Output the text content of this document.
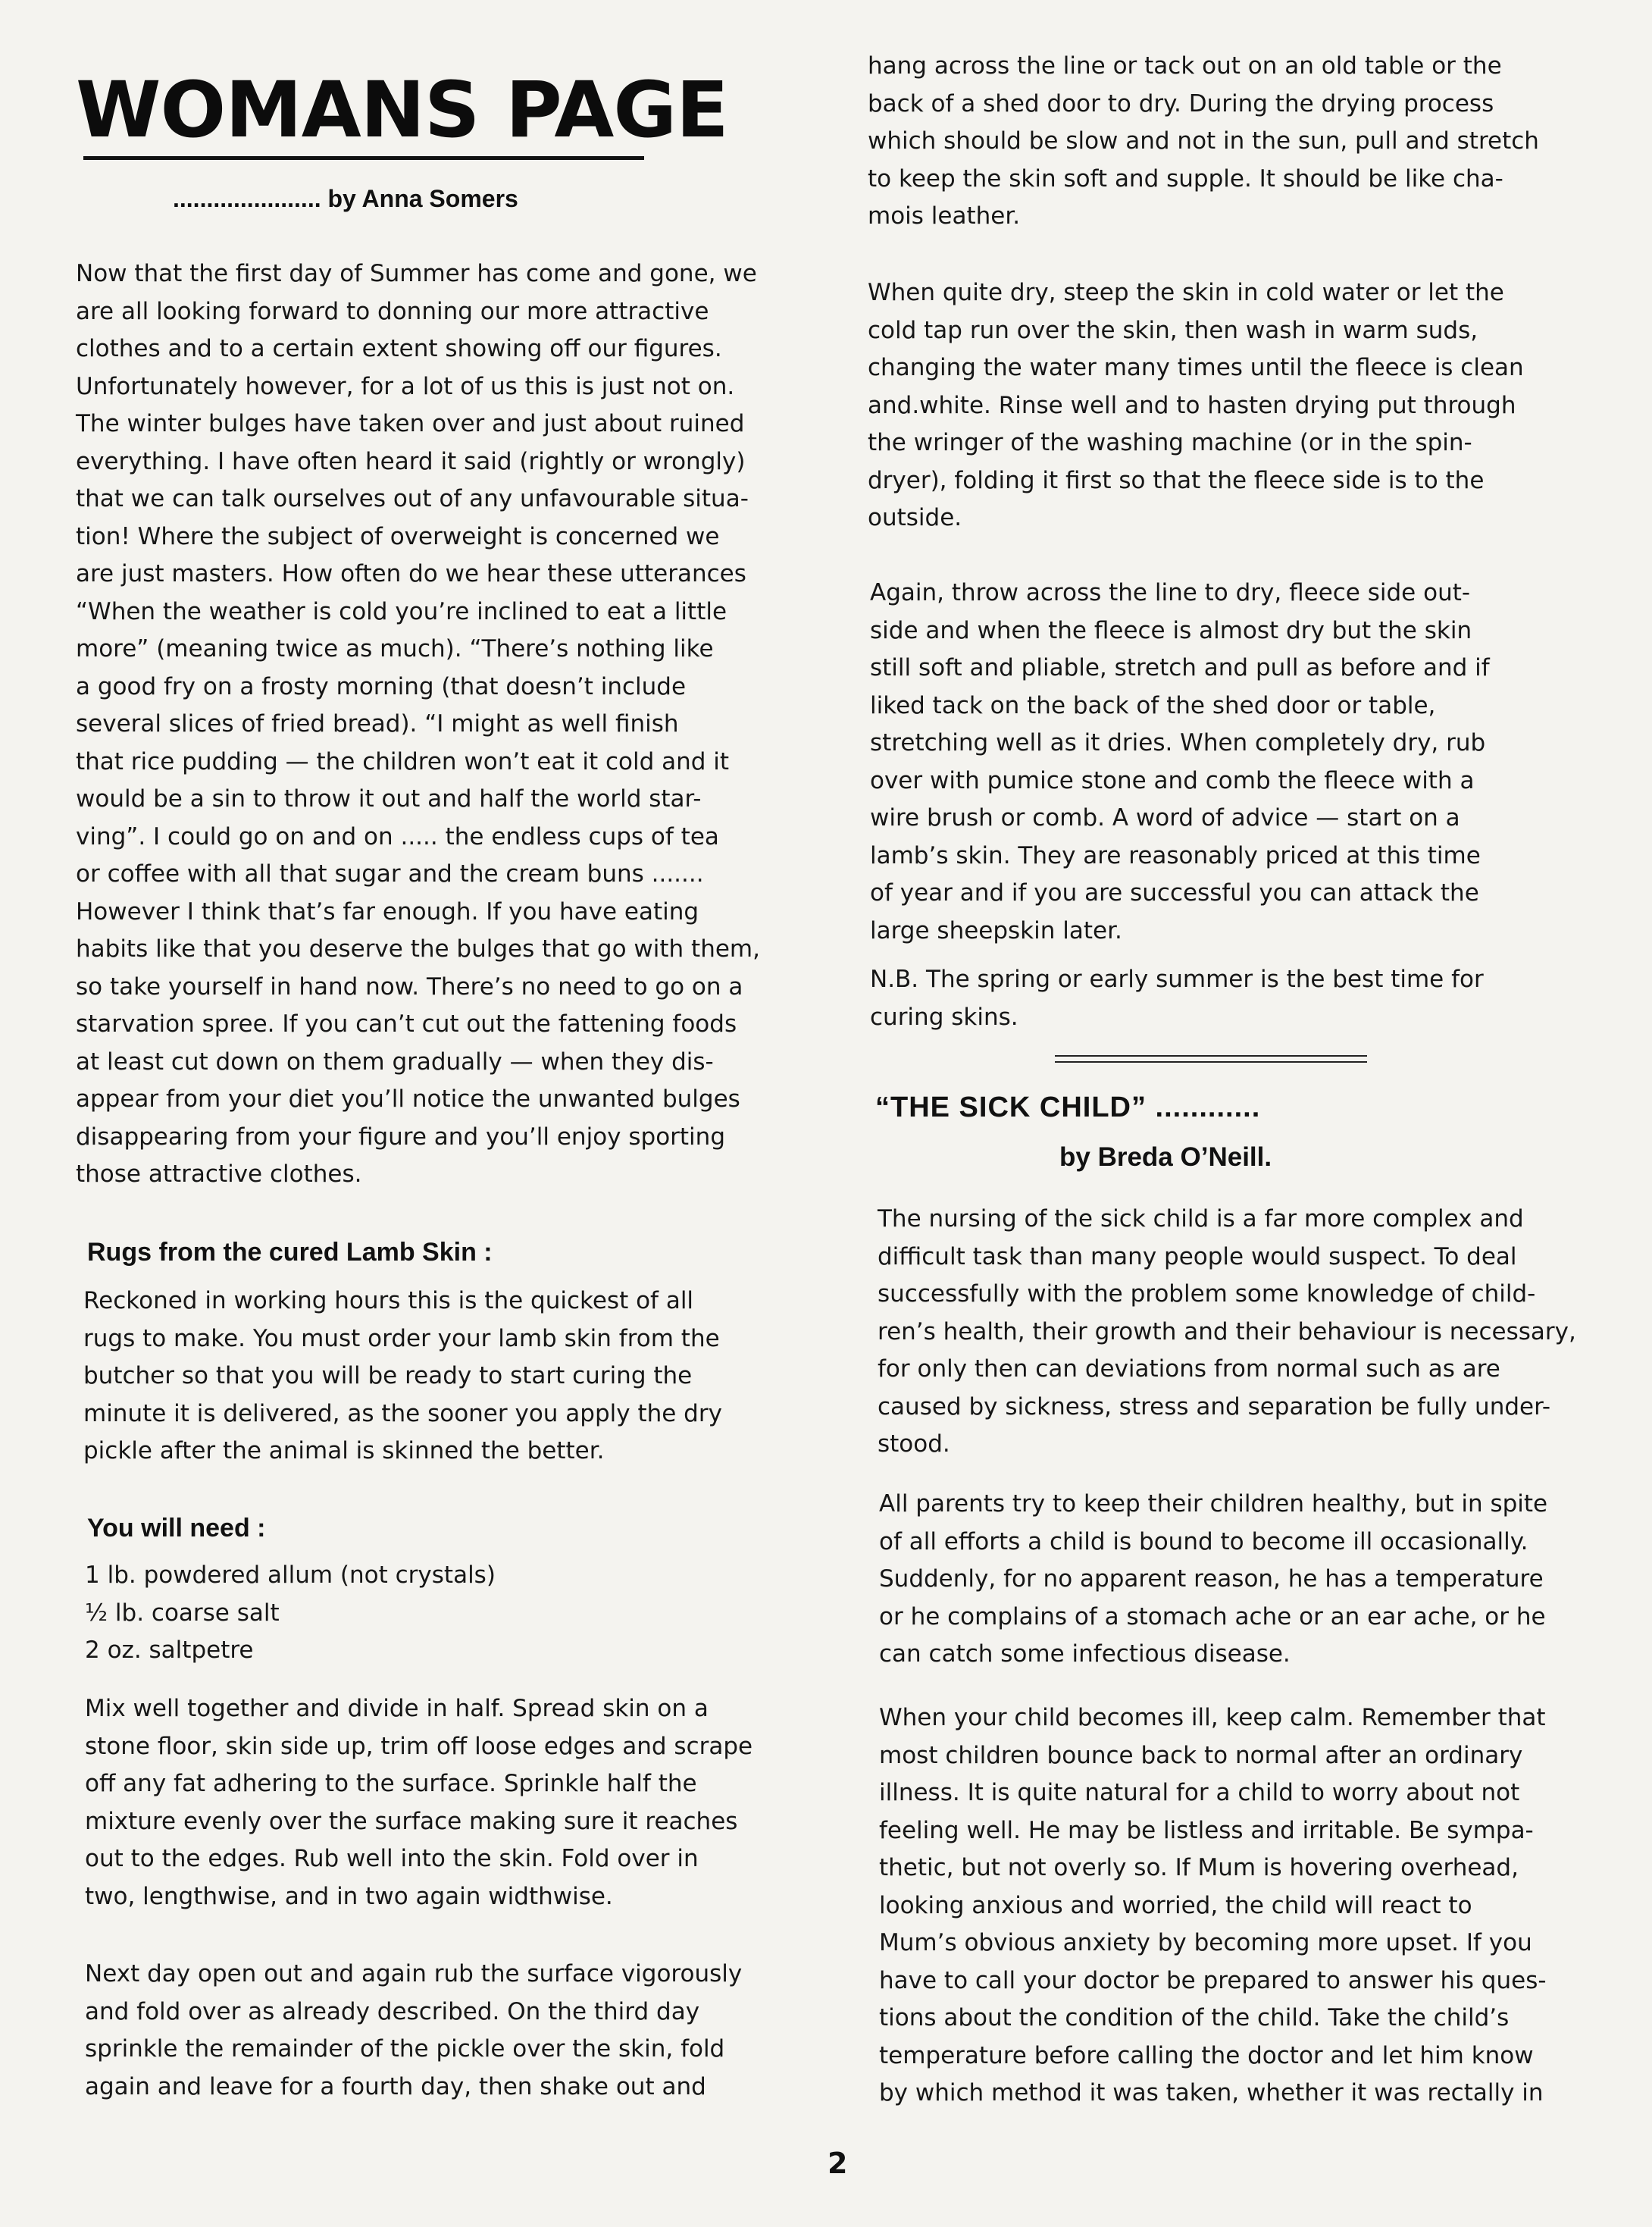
WOMANS PAGE
...................... by Anna Somers

Now that the first day of Summer has come and gone, we
are all looking forward to donning our more attractive
clothes and to a certain extent showing off our figures.
Unfortunately however, for a lot of us this is just not on.
The winter bulges have taken over and just about ruined
everything. I have often heard it said (rightly or wrongly)
that we can talk ourselves out of any unfavourable situa-
tion! Where the subject of overweight is concerned we
are just masters. How often do we hear these utterances
“When the weather is cold you’re inclined to eat a little
more” (meaning twice as much). “There’s nothing like
a good fry on a frosty morning (that doesn’t include
several slices of fried bread). “I might as well finish
that rice pudding — the children won’t eat it cold and it
would be a sin to throw it out and half the world star-
ving”. I could go on and on ..... the endless cups of tea
or coffee with all that sugar and the cream buns .......
However I think that’s far enough. If you have eating
habits like that you deserve the bulges that go with them,
so take yourself in hand now. There’s no need to go on a
starvation spree. If you can’t cut out the fattening foods
at least cut down on them gradually — when they dis-
appear from your diet you’ll notice the unwanted bulges
disappearing from your figure and you’ll enjoy sporting
those attractive clothes.

Rugs from the cured Lamb Skin :

Reckoned in working hours this is the quickest of all
rugs to make. You must order your lamb skin from the
butcher so that you will be ready to start curing the
minute it is delivered, as the sooner you apply the dry
pickle after the animal is skinned the better.

You will need :
1 lb. powdered allum (not crystals)
½ lb. coarse salt
2 oz. saltpetre

Mix well together and divide in half. Spread skin on a
stone floor, skin side up, trim off loose edges and scrape
off any fat adhering to the surface. Sprinkle half the
mixture evenly over the surface making sure it reaches
out to the edges. Rub well into the skin. Fold over in
two, lengthwise, and in two again widthwise.

Next day open out and again rub the surface vigorously
and fold over as already described. On the third day
sprinkle the remainder of the pickle over the skin, fold
again and leave for a fourth day, then shake out and

hang across the line or tack out on an old table or the
back of a shed door to dry. During the drying process
which should be slow and not in the sun, pull and stretch
to keep the skin soft and supple. It should be like cha-
mois leather.

When quite dry, steep the skin in cold water or let the
cold tap run over the skin, then wash in warm suds,
changing the water many times until the fleece is clean
and.white. Rinse well and to hasten drying put through
the wringer of the washing machine (or in the spin-
dryer), folding it first so that the fleece side is to the
outside.

Again, throw across the line to dry, fleece side out-
side and when the fleece is almost dry but the skin
still soft and pliable, stretch and pull as before and if
liked tack on the back of the shed door or table,
stretching well as it dries. When completely dry, rub
over with pumice stone and comb the fleece with a
wire brush or comb. A word of advice — start on a
lamb’s skin. They are reasonably priced at this time
of year and if you are successful you can attack the
large sheepskin later.

N.B. The spring or early summer is the best time for
curing skins.

“THE SICK CHILD” ............
by Breda O’Neill.

The nursing of the sick child is a far more complex and
difficult task than many people would suspect. To deal
successfully with the problem some knowledge of child-
ren’s health, their growth and their behaviour is necessary,
for only then can deviations from normal such as are
caused by sickness, stress and separation be fully under-
stood.

All parents try to keep their children healthy, but in spite
of all efforts a child is bound to become ill occasionally.
Suddenly, for no apparent reason, he has a temperature
or he complains of a stomach ache or an ear ache, or he
can catch some infectious disease.

When your child becomes ill, keep calm. Remember that
most children bounce back to normal after an ordinary
illness. It is quite natural for a child to worry about not
feeling well. He may be listless and irritable. Be sympa-
thetic, but not overly so. If Mum is hovering overhead,
looking anxious and worried, the child will react to
Mum’s obvious anxiety by becoming more upset. If you
have to call your doctor be prepared to answer his ques-
tions about the condition of the child. Take the child’s
temperature before calling the doctor and let him know
by which method it was taken, whether it was rectally in

2
